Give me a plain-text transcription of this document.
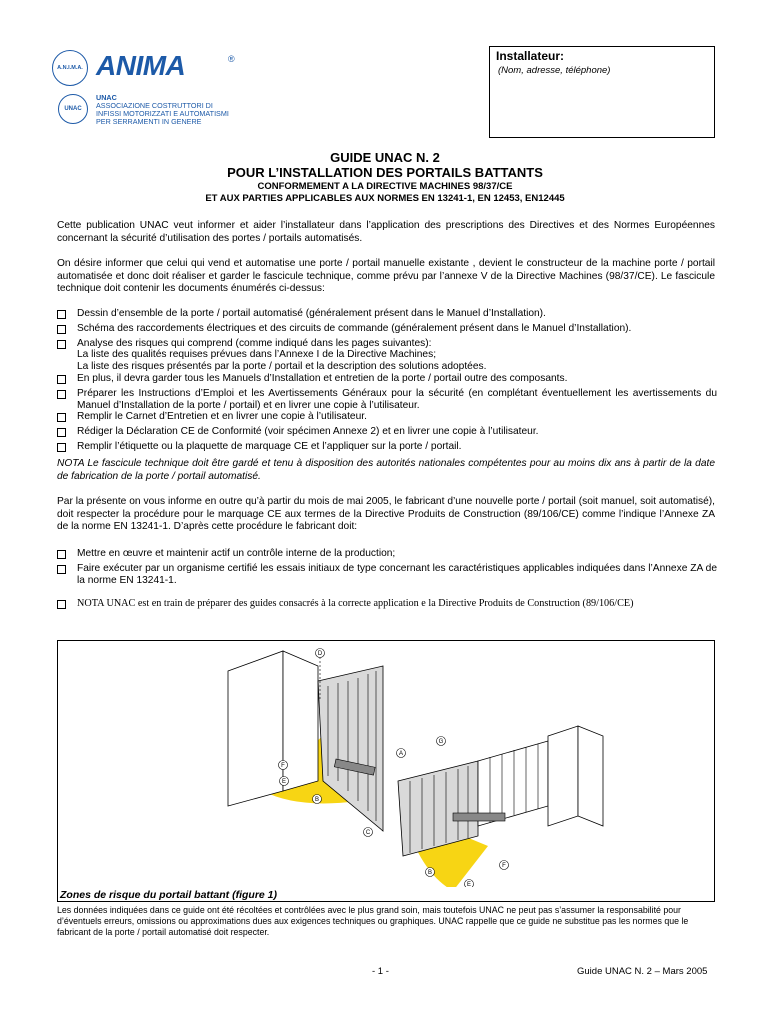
A.N.I.M.A. ANIMA	®
UNAC
UNAC
ASSOCIAZIONE COSTRUTTORI DI
INFISSI MOTORIZZATI E AUTOMATISMI
PER SERRAMENTI IN GENERE
Installateur:
(Nom, adresse, téléphone)
GUIDE UNAC N. 2
POUR L’INSTALLATION DES PORTAILS BATTANTS
CONFORMEMENT A LA DIRECTIVE MACHINES 98/37/CE
ET AUX PARTIES APPLICABLES AUX NORMES EN 13241-1, EN 12453, EN12445
Cette publication UNAC veut informer et aider l’installateur dans l’application des prescriptions des Directives et des Normes Européennes concernant la sécurité d’utilisation des portes / portails automatisés.
On désire informer que celui qui vend et automatise une porte / portail manuelle existante , devient le constructeur de la machine porte / portail automatisée et donc doit réaliser et garder le fascicule technique, comme prévu par l’annexe V de la Directive Machines (98/37/CE). Le fascicule technique doit contenir les documents énumérés ci-dessus:
Dessin d’ensemble de la porte / portail automatisé (généralement présent dans le Manuel d’Installation).
Schéma des raccordements électriques et des circuits de commande (généralement présent dans le Manuel d’Installation).
Analyse des risques qui comprend (comme indiqué dans les pages suivantes):
La liste des qualités requises prévues dans l’Annexe I de la Directive Machines;
La liste des risques présentés par la porte / portail et la description des solutions adoptées.
En plus, il devra garder tous les Manuels d’Installation et entretien de la porte / portail outre des composants.
Préparer les Instructions d’Emploi et les Avertissements Généraux pour la sécurité (en complétant éventuellement les avertissements du Manuel d’Installation de la porte / portail) et en livrer une copie à l’utilisateur.
Remplir le Carnet d’Entretien et en livrer une copie à l’utilisateur.
Rédiger la Déclaration CE de Conformité (voir spécimen Annexe 2) et en livrer une copie à l’utilisateur.
Remplir l’étiquette ou la plaquette de marquage CE et l’appliquer sur la porte / portail.
NOTA Le fascicule technique doit être gardé et tenu à disposition des autorités nationales compétentes pour au moins dix ans à partir de la date de fabrication de la porte / portail automatisé.
Par la présente on vous informe en outre qu’à partir du mois de mai 2005, le fabricant d’une nouvelle porte / portail (soit manuel, soit automatisé), doit respecter la procédure pour le marquage CE aux termes de la Directive Produits de Construction (89/106/CE) comme l’indique l’Annexe ZA de la norme EN 13241-1. D’après cette procédure le fabricant doit:
Mettre en œuvre et maintenir actif un contrôle interne de la production;
Faire exécuter par un organisme certifié les essais initiaux de type concernant les caractéristiques applicables indiquées dans l’Annexe ZA de la norme EN 13241-1.
NOTA UNAC est en train de préparer des guides consacrés à la correcte application e la Directive Produits de Construction (89/106/CE)
D
A
G
F
E
B
C
F
B
E
Zones de risque du portail battant (figure 1)
Les données indiquées dans ce guide ont été récoltées et contrôlées avec le plus grand soin, mais toutefois UNAC ne peut pas s’assumer la responsabilité pour d’éventuels erreurs, omissions ou approximations dues aux exigences techniques ou graphiques. UNAC rappelle que ce guide ne substitue pas les normes que le fabricant de la porte / portail automatisé doit respecter.
- 1 -	Guide UNAC N. 2 – Mars 2005
